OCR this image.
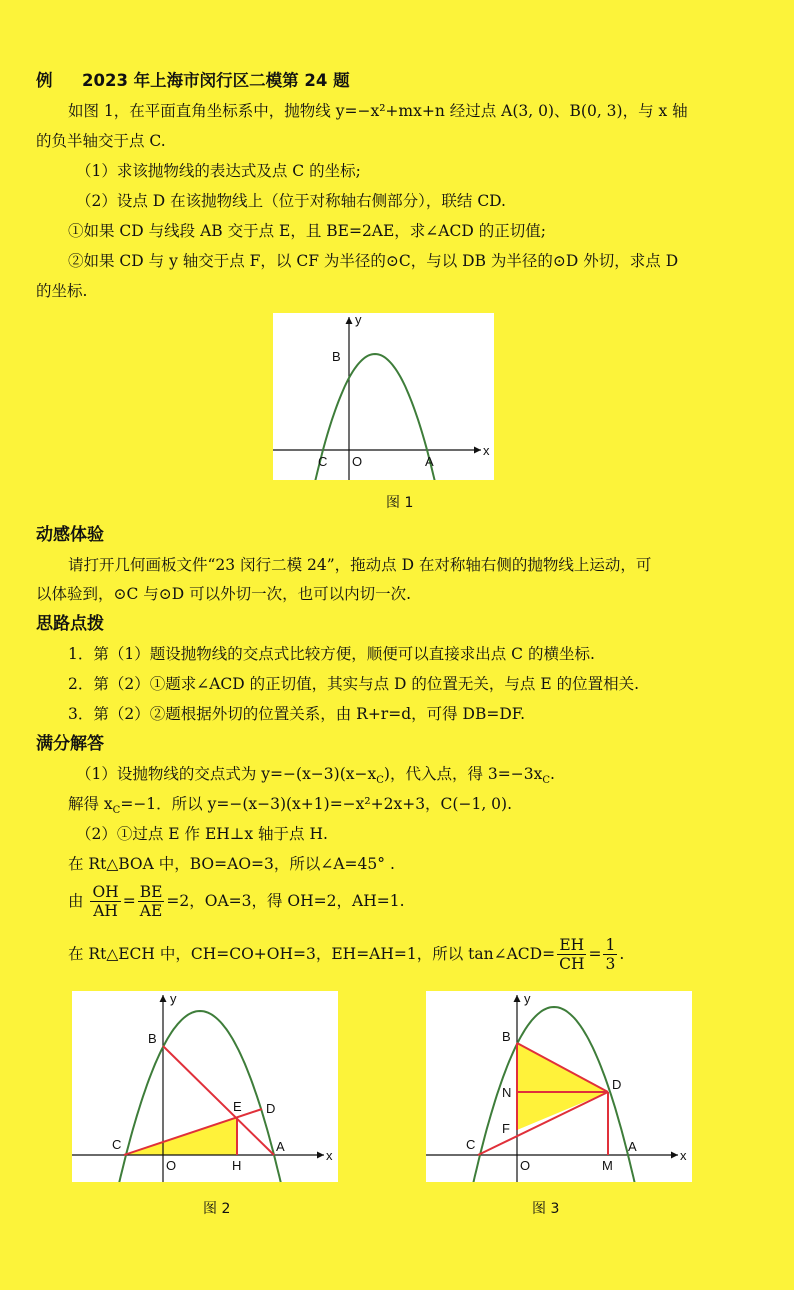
例 2023 年上海市闵行区二模第 24 题
如图 1，在平面直角坐标系中，抛物线 y=−x²+mx+n 经过点 A(3, 0)、B(0, 3)，与 x 轴
的负半轴交于点 C.
（1）求该抛物线的表达式及点 C 的坐标;
（2）设点 D 在该抛物线上（位于对称轴右侧部分），联结 CD.
①如果 CD 与线段 AB 交于点 E，且 BE=2AE，求∠ACD 的正切值;
②如果 CD 与 y 轴交于点 F，以 CF 为半径的⊙C，与以 DB 为半径的⊙D 外切，求点 D
的坐标.
y
x
B
C O	A
图 1
动感体验
请打开几何画板文件“23 闵行二模 24”，拖动点 D 在对称轴右侧的抛物线上运动，可
以体验到，⊙C 与⊙D 可以外切一次，也可以内切一次.
思路点拨
1．第（1）题设抛物线的交点式比较方便，顺便可以直接求出点 C 的横坐标.
2．第（2）①题求∠ACD 的正切值，其实与点 D 的位置无关，与点 E 的位置相关.
3．第（2）②题根据外切的位置关系，由 R+r=d，可得 DB=DF.
满分解答
（1）设抛物线的交点式为 $y=-(x-3)(x-x_C)$，代入点，得 $3=-3x_C$.
解得 $x_C=-1$．所以 y=−(x−3)(x+1)=−x²+2x+3，C(−1, 0).
（2）①过点 E 作 EH⊥x 轴于点 H.
在 Rt△BOA 中，BO=AO=3，所以∠A=45° .
由 $\frac{OH}{AH} = \frac{BE}{AE} =2$，OA=3，得 OH=2，AH=1.
在 Rt△ECH 中，CH=CO+OH=3，EH=AH=1，所以 tan∠ACD= $\frac{EH}{CH} = \frac{1}{3}$ .
y
x
B
E D
C
O	H
A
图 2
y
x
B
N
D
F
C
O	M
A
图 3
